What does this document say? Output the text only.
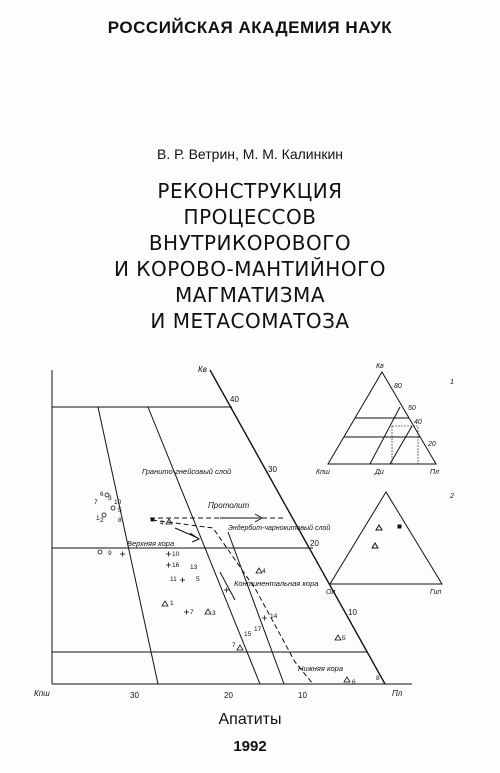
РОССИЙСКАЯ АКАДЕМИЯ НАУК
В. Р. Ветрин, М. М. Калинкин
РЕКОНСТРУКЦИЯ
ПРОЦЕССОВ
ВНУТРИКОРОВОГО
И КОРОВО-МАНТИЙНОГО
МАГМАТИЗМА
И МЕТАСОМАТОЗА
Кв
Кпш	Пл
40
30
20
10
30	20	10
Гранито-гнейсовый слой
Протолит
Эндербит-чарнокитовый слой
Верхняя кора
Континентальная кора
Нижняя кора
6
3
10
7
1
5
8
2
9
4
10
16 13
11	5
4
1
7	3	14
17
15
7
5
6
8
1
Кв
Кпш	Ди	Пл
80
50
40
20
2
Ол	Гип
Апатиты
1992
